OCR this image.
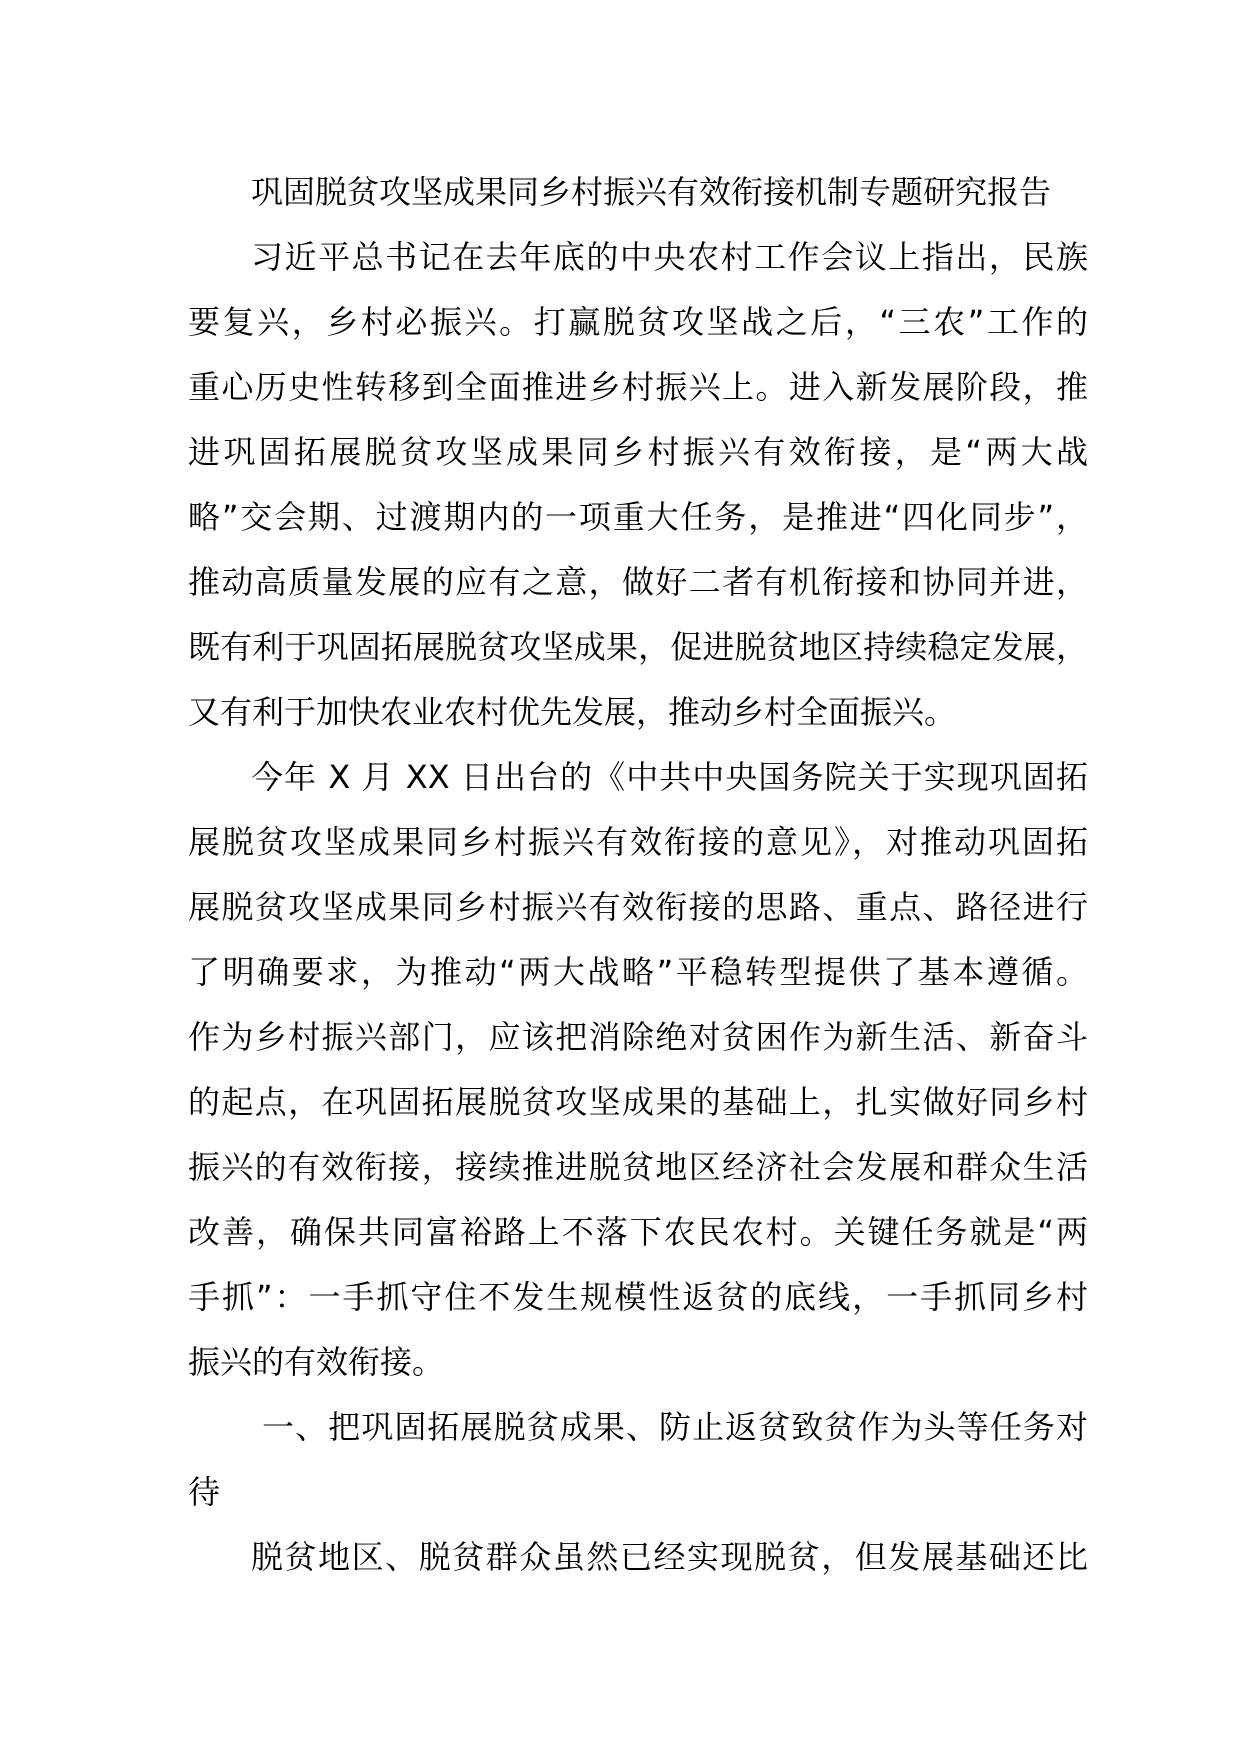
巩固脱贫攻坚成果同乡村振兴有效衔接机制专题研究报告
习近平总书记在去年底的中央农村工作会议上指出，民族
要复兴，乡村必振兴。打赢脱贫攻坚战之后，“三农”工作的
重心历史性转移到全面推进乡村振兴上。进入新发展阶段，推
进巩固拓展脱贫攻坚成果同乡村振兴有效衔接，是“两大战
略”交会期、过渡期内的一项重大任务，是推进“四化同步”，
推动高质量发展的应有之意，做好二者有机衔接和协同并进，
既有利于巩固拓展脱贫攻坚成果，促进脱贫地区持续稳定发展，
又有利于加快农业农村优先发展，推动乡村全面振兴。
今年 X 月 XX 日出台的《中共中央国务院关于实现巩固拓
展脱贫攻坚成果同乡村振兴有效衔接的意见》，对推动巩固拓
展脱贫攻坚成果同乡村振兴有效衔接的思路、重点、路径进行
了明确要求，为推动“两大战略”平稳转型提供了基本遵循。
作为乡村振兴部门，应该把消除绝对贫困作为新生活、新奋斗
的起点，在巩固拓展脱贫攻坚成果的基础上，扎实做好同乡村
振兴的有效衔接，接续推进脱贫地区经济社会发展和群众生活
改善，确保共同富裕路上不落下农民农村。关键任务就是“两
手抓”：一手抓守住不发生规模性返贫的底线，一手抓同乡村
振兴的有效衔接。
一、把巩固拓展脱贫成果、防止返贫致贫作为头等任务对
待
脱贫地区、脱贫群众虽然已经实现脱贫，但发展基础还比
